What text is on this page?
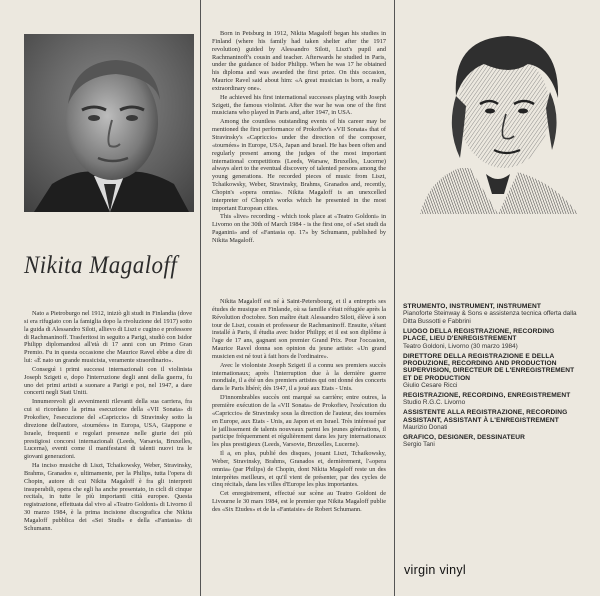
Nikita Magaloff

Nato a Pietroburgo nel 1912, iniziò gli studi in Finlandia (dove si era rifugiato con la famiglia dopo la rivoluzione del 1917) sotto la guida di Alessandro Siloti, allievo di Liszt e cugino e professore di Rachmaninoff. Trasferitosi in seguito a Parigi, studiò con Isidor Philipp diplomandosi all'età di 17 anni con un Primo Gran Premio. Fu in questa occasione che Maurice Ravel ebbe a dire di lui: «È nato un grande musicista, veramente straordinario».

Conseguì i primi successi internazionali con il violinista Joseph Szigeti e, dopo l'interruzione degli anni della guerra, fu uno dei primi artisti a suonare a Parigi e poi, nel 1947, a dare concerti negli Stati Uniti.

Innumerevoli gli avvenimenti rilevanti della sua carriera, fra cui si ricordano la prima esecuzione della «VII Sonata» di Prokofiev, l'esecuzione del «Capriccio» di Stravinsky sotto la direzione dell'autore, «tournées» in Europa, USA, Giappone e Israele, frequenti e regolari presenze nelle giurie dei più prestigiosi concorsi internazionali (Leeds, Varsavia, Bruxelles, Lucerna), eventi come il manifestarsi di talenti nuovi tra le giovani generazioni.

Ha inciso musiche di Liszt, Tchaikowsky, Weber, Stravinsky, Brahms, Granados e, ultimamente, per la Philips, tutta l'opera di Chopin, autore di cui Nikita Magaloff è fra gli interpreti insuperabili, opera che egli ha anche presentato, in cicli di cinque recitals, in tutte le più importanti città europee. Questa registrazione, effettuata dal vivo al «Teatro Goldoni» di Livorno il 30 marzo 1984, è la prima incisione discografica che Nikita Magaloff pubblica dei «Sei Studi» e della «Fantasia» di Schumann.

Born in Petsburg in 1912, Nikita Magaloff began his studies in Finland (where his family had taken shelter after the 1917 revolution) guided by Alessandro Siloti, Liszt's pupil and Rachmaninoff's cousin and teacher. Afterwards he studied in Paris, under the guidance of Isidor Philipp. When he was 17 he obtained his diploma and was awarded the first prize. On this occasion, Maurice Ravel said about him: «A great musician is born, a really extraordinary one».

He achieved his first international successes playing with Joseph Szigeti, the famous violinist. After the war he was one of the first musicians who played in Paris and, after 1947, in USA.

Among the countless outstanding events of his career may be mentioned the first performance of Prokofiev's «VII Sonata» that of Stravinsky's «Capriccio» under the direction of the composer, «tournées» in Europe, USA, Japan and Israel. He has been often and regularly present among the judges of the most important international competitions (Leeds, Warsaw, Bruxelles, Lucerne) always alert to the eventual discovery of talented persons among the young generations. He recorded pieces of music from Liszt, Tchaikowsky, Weber, Stravinsky, Brahms, Granados and, recently, Chopin's «opera omnia». Nikita Magaloff is an unexcelled interpreter of Chopin's works which he presented in the most important European cities.

This «live» recording - which took place at «Teatro Goldoni» in Livorno on the 30th of March 1984 - is the first one, of «Sei studi da Paganini» and of «Fantasia op. 17» by Schumann, published by Nikita Magaloff.

Nikita Magaloff est né à Saint-Petersbourg, et il a entrepris ses études de musique en Finlande, où sa famille s'était réfugiée après la Révolution d'octobre. Son maître était Alessandro Siloti, élève à son tour de Liszt, cousin et professeur de Rachmaninoff. Ensuite, s'étant installé à Paris, il étudia avec Isidor Philipp; et il est son diplôme à l'age de 17 ans, gagnant son premier Grand Prix. Pour l'occasion, Maurice Ravel donna son opinion du jeune artiste: «Un grand musicien est né tout à fait hors de l'ordinaire».

Avec le violoniste Joseph Szigeti il a connu ses premiers succès internationaux; après l'interruption due à la dernière guerre mondiale, il a été un des premiers artistes qui ont donné des concerts dans le Paris libéré; dès 1947, il a joué aux Etats - Unis.

D'innombrables succès ont marqué sa carrière; entre outres, la première exécution de la «VII Sonata» de Prokofiev, l'exécution du «Capriccio» de Stravinsky sous la direction de l'auteur, des tournées en Europe, aux Etats - Unis, au Japon et en Israel. Très intéressé par le jaillissement de talents nouveaux parmi les jeunes générations, il participe fréquemment et régulièrement dans les jury internationaux les plus prestigieux (Leeds, Varsovie, Bruxelles, Lucerne).

Il a, en plus, publié des disques, jouant Liszt, Tchaikowsky, Weber, Stravinsky, Brahms, Granados et, dernièrement, l'«opera omnia» (par Philips) de Chopin, dont Nikita Magaloff reste un des interprètes meilleurs, et qu'il vient de présenter, par des cycles de cinq récitals, dans les villes d'Europe les plus importantes.

Cet enregistrement, effectué sur scène au Teatro Goldoni de Livourne le 30 mars 1984, est le premier que Nikita Magaloff publie des «Six Etudes» et de la «Fantaisie» de Robert Schumann.

STRUMENTO, INSTRUMENT, INSTRUMENT
Pianoforte Steinway & Sons e assistenza tecnica offerta dalla Ditta Bussotti e Fabbrini
LUOGO DELLA REGISTRAZIONE, RECORDING PLACE, LIEU D'ENREGISTREMENT
Teatro Goldoni, Livorno (30 marzo 1984)
DIRETTORE DELLA REGISTRAZIONE E DELLA PRODUZIONE, RECORDING AND PRODUCTION SUPERVISION, DIRECTEUR DE L'ENREGISTREMENT ET DE PRODUCTION
Giulio Cesare Ricci
REGISTRAZIONE, RECORDING, ENREGISTREMENT
Studio R.G.C. Livorno
ASSISTENTE ALLA REGISTRAZIONE, RECORDING ASSISTANT, ASSISTANT À L'ENREGISTREMENT
Maurizio Donati
GRAFICO, DESIGNER, DESSINATEUR
Sergio Tani
virgin vinyl
